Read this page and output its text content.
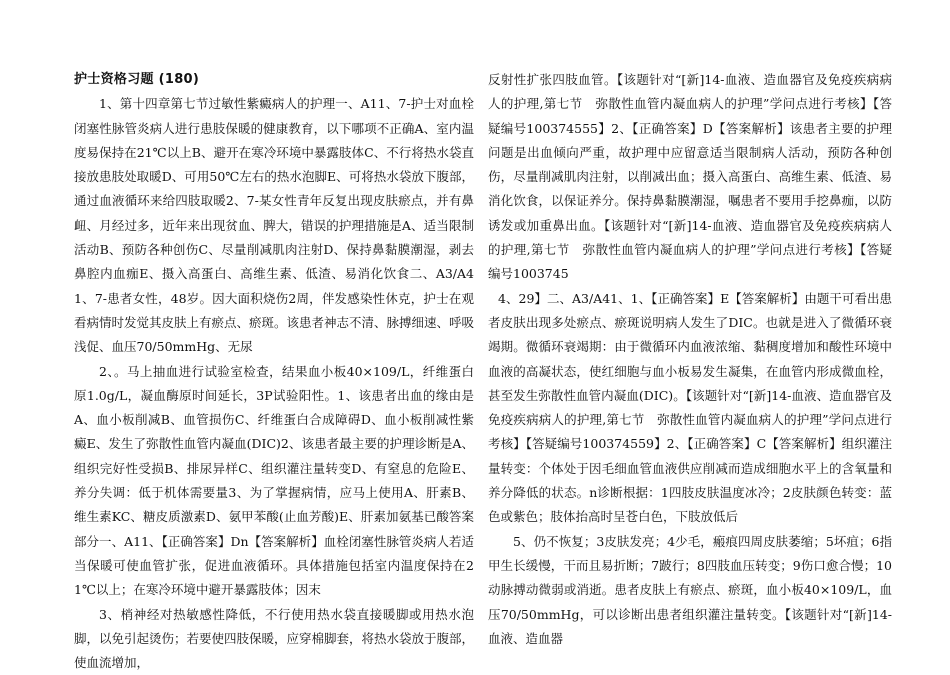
护士资格习题 (180)

1、第十四章第七节过敏性紫癜病人的护理一、A11、7-护士对血栓闭塞性脉管炎病人进行患肢保暖的健康教育，以下哪项不正确A、室内温度易保持在21℃以上B、避开在寒冷环境中暴露肢体C、不行将热水袋直接放患肢处取暖D、可用50℃左右的热水泡脚E、可将热水袋放下腹部，通过血液循环来给四肢取暖2、7-某女性青年反复出现皮肤瘀点，并有鼻衄、月经过多，近年来出现贫血、脾大，错误的护理措施是A、适当限制活动B、预防各种创伤C、尽量削减肌肉注射D、保持鼻黏膜潮湿，剥去鼻腔内血痂E、摄入高蛋白、高维生素、低渣、易消化饮食二、A3/A41、7-患者女性，48岁。因大面积烧伤2周，伴发感染性休克，护士在观看病情时发觉其皮肤上有瘀点、瘀斑。该患者神志不清、脉搏细速、呼吸浅促、血压70/50mmHg、无尿

2、。马上抽血进行试验室检查，结果血小板40×109/L，纤维蛋白原1.0g/L，凝血酶原时间延长，3P试验阳性。1、该患者出血的缘由是A、血小板削减B、血管损伤C、纤维蛋白合成障碍D、血小板削减性紫癜E、发生了弥散性血管内凝血(DIC)2、该患者最主要的护理诊断是A、组织完好性受损B、排尿异样C、组织灌注量转变D、有窒息的危险E、养分失调：低于机体需要量3、为了掌握病情，应马上使用A、肝素B、维生素KC、糖皮质激素D、氨甲苯酸(止血芳酸)E、肝素加氨基已酸答案部分一、A11、【正确答案】Dn【答案解析】血栓闭塞性脉管炎病人若适当保暖可使血管扩张，促进血液循环。具体措施包括室内温度保持在21℃以上；在寒冷环境中避开暴露肢体；因末

3、梢神经对热敏感性降低，不行使用热水袋直接暖脚或用热水泡脚，以免引起烫伤；若要使四肢保暖，应穿棉脚套，将热水袋放于腹部，使血流增加，

反射性扩张四肢血管。【该题针对“[新]14-血液、造血器官及免疫疾病病人的护理,第七节　弥散性血管内凝血病人的护理”学问点进行考核】【答疑编号100374555】2、【正确答案】D【答案解析】该患者主要的护理问题是出血倾向严重，故护理中应留意适当限制病人活动，预防各种创伤，尽量削减肌肉注射，以削减出血；摄入高蛋白、高维生素、低渣、易消化饮食，以保证养分。保持鼻黏膜潮湿，嘱患者不要用手挖鼻痂，以防诱发或加重鼻出血。【该题针对“[新]14-血液、造血器官及免疫疾病病人的护理,第七节　弥散性血管内凝血病人的护理”学问点进行考核】【答疑编号1003745

4、29】二、A3/A41、1、【正确答案】E【答案解析】由题干可看出患者皮肤出现多处瘀点、瘀斑说明病人发生了DIC。也就是进入了微循环衰竭期。微循环衰竭期：由于微循环内血液浓缩、黏稠度增加和酸性环境中血液的高凝状态，使红细胞与血小板易发生凝集，在血管内形成微血栓，甚至发生弥散性血管内凝血(DIC)。【该题针对“[新]14-血液、造血器官及免疫疾病病人的护理,第七节　弥散性血管内凝血病人的护理”学问点进行考核】【答疑编号100374559】2、【正确答案】C【答案解析】组织灌注量转变：个体处于因毛细血管血液供应削减而造成细胞水平上的含氧量和养分降低的状态。n诊断根据：1四肢皮肤温度冰冷；2皮肤颜色转变：蓝色或紫色；肢体抬高时呈苍白色，下肢放低后

5、仍不恢复；3皮肤发亮；4少毛，瘢痕四周皮肤萎缩；5坏疽；6指甲生长缓慢，干而且易折断；7跛行；8四肢血压转变；9伤口愈合慢；10动脉搏动微弱或消逝。患者皮肤上有瘀点、瘀斑，血小板40×109/L，血压70/50mmHg，可以诊断出患者组织灌注量转变。【该题针对“[新]14-血液、造血器
